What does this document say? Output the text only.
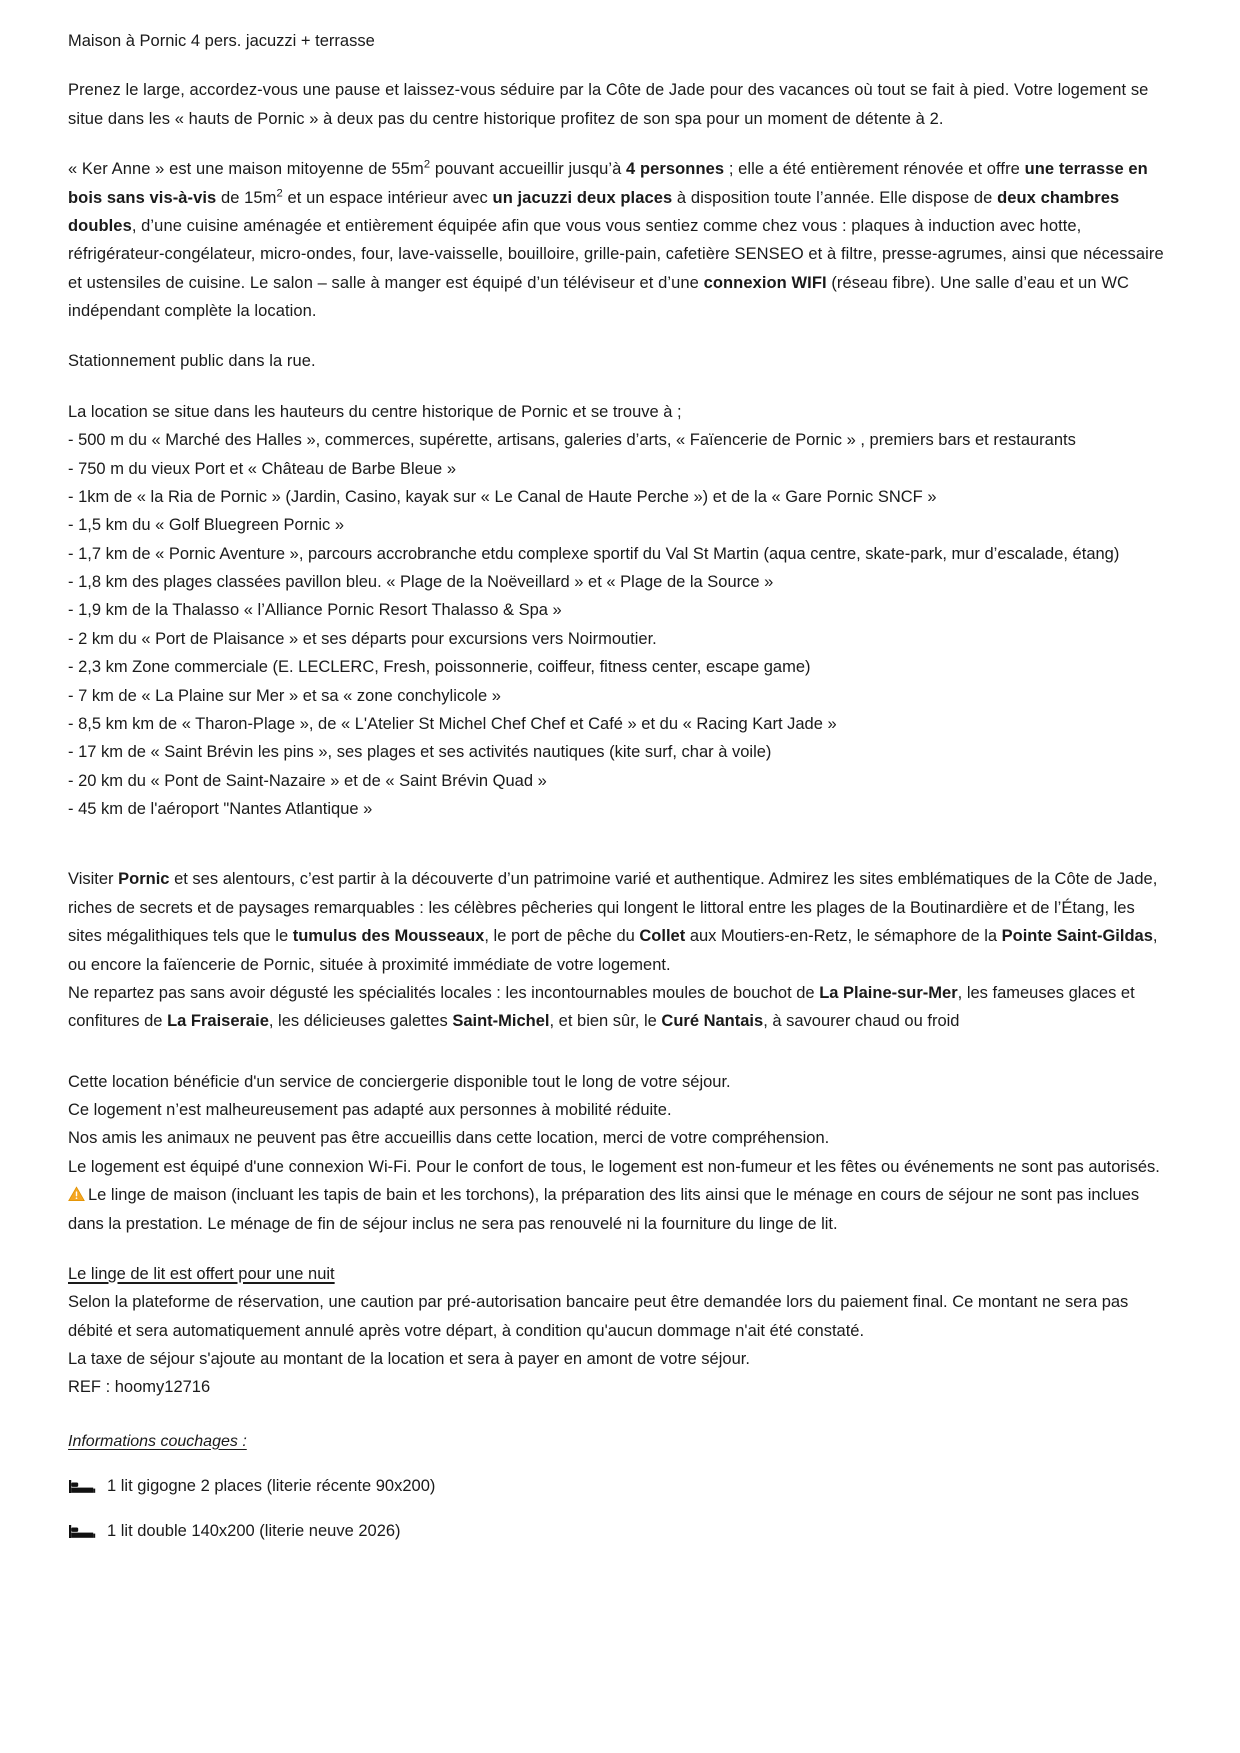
Maison à Pornic 4 pers. jacuzzi + terrasse

Prenez le large, accordez-vous une pause et laissez-vous séduire par la Côte de Jade pour des vacances où tout se fait à pied. Votre logement se situe dans les « hauts de Pornic » à deux pas du centre historique profitez de son spa pour un moment de détente à 2.

« Ker Anne » est une maison mitoyenne de $55m^2$ pouvant accueillir jusqu’à 4 personnes ; elle a été entièrement rénovée et offre une terrasse en bois sans vis-à-vis de $15m^2$ et un espace intérieur avec un jacuzzi deux places à disposition toute l’année. Elle dispose de deux chambres doubles, d’une cuisine aménagée et entièrement équipée afin que vous vous sentiez comme chez vous : plaques à induction avec hotte, réfrigérateur-congélateur, micro-ondes, four, lave-vaisselle, bouilloire, grille-pain, cafetière SENSEO et à filtre, presse-agrumes, ainsi que nécessaire et ustensiles de cuisine. Le salon – salle à manger est équipé d’un téléviseur et d’une connexion WIFI (réseau fibre). Une salle d’eau et un WC indépendant complète la location.

Stationnement public dans la rue.

La location se situe dans les hauteurs du centre historique de Pornic et se trouve à ;

- 500 m du « Marché des Halles », commerces, supérette, artisans, galeries d’arts, « Faïencerie de Pornic » , premiers bars et restaurants

- 750 m du vieux Port et « Château de Barbe Bleue »

- 1km de « la Ria de Pornic » (Jardin, Casino, kayak sur « Le Canal de Haute Perche ») et de la « Gare Pornic SNCF »

- 1,5 km du « Golf Bluegreen Pornic »

- 1,7 km de « Pornic Aventure », parcours accrobranche etdu complexe sportif du Val St Martin (aqua centre, skate-park, mur d’escalade, étang)

- 1,8 km des plages classées pavillon bleu. « Plage de la Noëveillard » et « Plage de la Source »

- 1,9 km de la Thalasso « l’Alliance Pornic Resort Thalasso & Spa »

- 2 km du « Port de Plaisance » et ses départs pour excursions vers Noirmoutier.

- 2,3 km Zone commerciale (E. LECLERC, Fresh, poissonnerie, coiffeur, fitness center, escape game)

- 7 km de « La Plaine sur Mer » et sa « zone conchylicole »

- 8,5 km km de « Tharon-Plage », de « L'Atelier St Michel Chef Chef et Café » et du « Racing Kart Jade »

- 17 km de « Saint Brévin les pins », ses plages et ses activités nautiques (kite surf, char à voile)

- 20 km du « Pont de Saint-Nazaire » et de « Saint Brévin Quad »

- 45 km de l'aéroport "Nantes Atlantique »

Visiter Pornic et ses alentours, c’est partir à la découverte d’un patrimoine varié et authentique. Admirez les sites emblématiques de la Côte de Jade, riches de secrets et de paysages remarquables : les célèbres pêcheries qui longent le littoral entre les plages de la Boutinardière et de l’Étang, les sites mégalithiques tels que le tumulus des Mousseaux, le port de pêche du Collet aux Moutiers-en-Retz, le sémaphore de la Pointe Saint-Gildas, ou encore la faïencerie de Pornic, située à proximité immédiate de votre logement.

Ne repartez pas sans avoir dégusté les spécialités locales : les incontournables moules de bouchot de La Plaine-sur-Mer, les fameuses glaces et confitures de La Fraiseraie, les délicieuses galettes Saint-Michel, et bien sûr, le Curé Nantais, à savourer chaud ou froid

Cette location bénéficie d'un service de conciergerie disponible tout le long de votre séjour.

Ce logement n’est malheureusement pas adapté aux personnes à mobilité réduite.

Nos amis les animaux ne peuvent pas être accueillis dans cette location, merci de votre compréhension.

Le logement est équipé d'une connexion Wi-Fi. Pour le confort de tous, le logement est non-fumeur et les fêtes ou événements ne sont pas autorisés.

Le linge de maison (incluant les tapis de bain et les torchons), la préparation des lits ainsi que le ménage en cours de séjour ne sont pas inclues dans la prestation. Le ménage de fin de séjour inclus ne sera pas renouvelé ni la fourniture du linge de lit.

Le linge de lit est offert pour une nuit

Selon la plateforme de réservation, une caution par pré-autorisation bancaire peut être demandée lors du paiement final. Ce montant ne sera pas débité et sera automatiquement annulé après votre départ, à condition qu'aucun dommage n'ait été constaté.

La taxe de séjour s'ajoute au montant de la location et sera à payer en amont de votre séjour.

REF : hoomy12716

Informations couchages :

1 lit gigogne 2 places (literie récente 90x200)
1 lit double 140x200 (literie neuve 2026)
